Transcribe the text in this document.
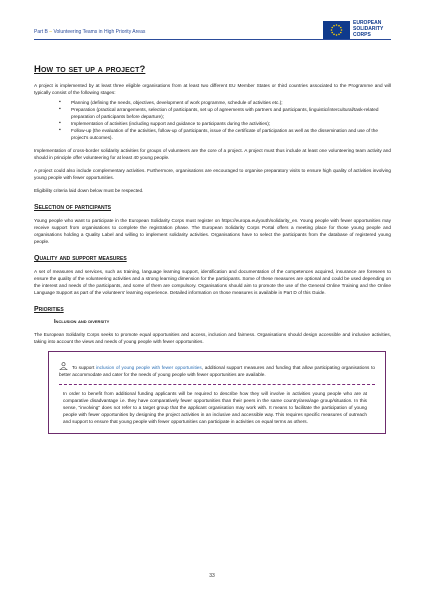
Part B – Volunteering Teams in High Priority Areas
EUROPEAN
SOLIDARITY
CORPS
How to set up a project?

A project is implemented by at least three eligible organisations from at least two different EU Member States or third countries associated to the Programme and will typically consist of the following stages:

▪ Planning (defining the needs, objectives, development of work programme, schedule of activities etc.);
▪ Preparation (practical arrangements, selection of participants, set up of agreements with partners and participants, linguistic/intercultural/task-related preparation of participants before departure);
▪ Implementation of activities (including support and guidance to participants during the activities);
▪ Follow-up (the evaluation of the activities, follow-up of participants, issue of the certificate of participation as well as the dissemination and use of the project's outcomes).

Implementation of cross-border solidarity activities for groups of volunteers are the core of a project. A project must thus include at least one volunteering team activity and should in principle offer volunteering for at least 40 young people.

A project could also include complementary activities. Furthermore, organisations are encouraged to organise preparatory visits to ensure high quality of activities involving young people with fewer opportunities.

Eligibility criteria laid down below must be respected.

Selection of participants

Young people who want to participate in the European Solidarity Corps must register on https://europa.eu/youth/solidarity_en. Young people with fewer opportunities may receive support from organisations to complete the registration phase. The European Solidarity Corps Portal offers a meeting place for those young people and organisations holding a Quality Label and willing to implement solidarity activities. Organisations have to select the participants from the database of registered young people.

Quality and support measures

A set of measures and services, such as training, language learning support, identification and documentation of the competences acquired, insurance are foreseen to ensure the quality of the volunteering activities and a strong learning dimension for the participants. Some of these measures are optional and could be used depending on the interest and needs of the participants, and some of them are compulsory. Organisations should aim to promote the use of the General Online Training and the Online Language Support as part of the volunteers' learning experience. Detailed information on those measures is available in Part D of this Guide.

Priorities
Inclusion and diversity

The European Solidarity Corps seeks to promote equal opportunities and access, inclusion and fairness. Organisations should design accessible and inclusive activities, taking into account the views and needs of young people with fewer opportunities.

To support inclusion of young people with fewer opportunities, additional support measures and funding that allow participating organisations to better accommodate and cater for the needs of young people with fewer opportunities are available.

In order to benefit from additional funding applicants will be required to describe how they will involve in activities young people who are at comparative disadvantage i.e. they have comparatively fewer opportunities than their peers in the same country/area/age group/situation. In this sense, "involving" does not refer to a target group that the applicant organisation may work with. It means to facilitate the participation of young people with fewer opportunities by designing the project activities in an inclusive and accessible way. This requires specific measures of outreach and support to ensure that young people with fewer opportunities can participate in activities on equal terms as others.

33
